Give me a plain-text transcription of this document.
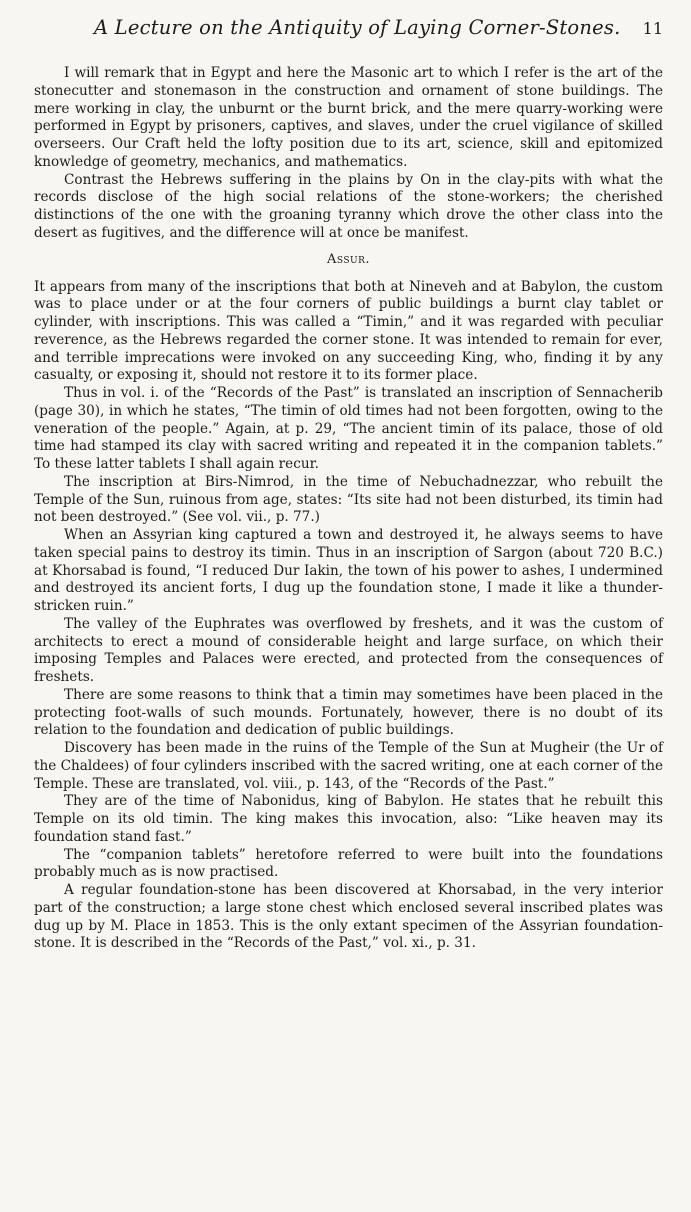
A Lecture on the Antiquity of Laying Corner-Stones. 11

I will remark that in Egypt and here the Masonic art to which I refer is the art of the stonecutter and stonemason in the construction and ornament of stone buildings. The mere working in clay, the unburnt or the burnt brick, and the mere quarry-working were performed in Egypt by prisoners, captives, and slaves, under the cruel vigilance of skilled overseers. Our Craft held the lofty position due to its art, science, skill and epitomized knowledge of geometry, mechanics, and mathematics.

Contrast the Hebrews suffering in the plains by On in the clay-pits with what the records disclose of the high social relations of the stone-workers; the cherished distinctions of the one with the groaning tyranny which drove the other class into the desert as fugitives, and the difference will at once be manifest.

Assur.

It appears from many of the inscriptions that both at Nineveh and at Babylon, the custom was to place under or at the four corners of public buildings a burnt clay tablet or cylinder, with inscriptions. This was called a “Timin,” and it was regarded with peculiar reverence, as the Hebrews regarded the corner stone. It was intended to remain for ever, and terrible imprecations were invoked on any succeeding King, who, finding it by any casualty, or exposing it, should not restore it to its former place.

Thus in vol. i. of the “Records of the Past” is translated an inscription of Sennacherib (page 30), in which he states, “The timin of old times had not been forgotten, owing to the veneration of the people.” Again, at p. 29, “The ancient timin of its palace, those of old time had stamped its clay with sacred writing and repeated it in the companion tablets.” To these latter tablets I shall again recur.

The inscription at Birs-Nimrod, in the time of Nebuchadnezzar, who rebuilt the Temple of the Sun, ruinous from age, states: “Its site had not been disturbed, its timin had not been destroyed.” (See vol. vii., p. 77.)

When an Assyrian king captured a town and destroyed it, he always seems to have taken special pains to destroy its timin. Thus in an inscription of Sargon (about 720 B.C.) at Khorsabad is found, “I reduced Dur Iakin, the town of his power to ashes, I undermined and destroyed its ancient forts, I dug up the foundation stone, I made it like a thunder-stricken ruin.”

The valley of the Euphrates was overflowed by freshets, and it was the custom of architects to erect a mound of considerable height and large surface, on which their imposing Temples and Palaces were erected, and protected from the consequences of freshets.

There are some reasons to think that a timin may sometimes have been placed in the protecting foot-walls of such mounds. Fortunately, however, there is no doubt of its relation to the foundation and dedication of public buildings.

Discovery has been made in the ruins of the Temple of the Sun at Mugheir (the Ur of the Chaldees) of four cylinders inscribed with the sacred writing, one at each corner of the Temple. These are translated, vol. viii., p. 143, of the “Records of the Past.”

They are of the time of Nabonidus, king of Babylon. He states that he rebuilt this Temple on its old timin. The king makes this invocation, also: “Like heaven may its foundation stand fast.”

The “companion tablets” heretofore referred to were built into the foundations probably much as is now practised.

A regular foundation-stone has been discovered at Khorsabad, in the very interior part of the construction; a large stone chest which enclosed several inscribed plates was dug up by M. Place in 1853. This is the only extant specimen of the Assyrian foundation-stone. It is described in the “Records of the Past,” vol. xi., p. 31.
